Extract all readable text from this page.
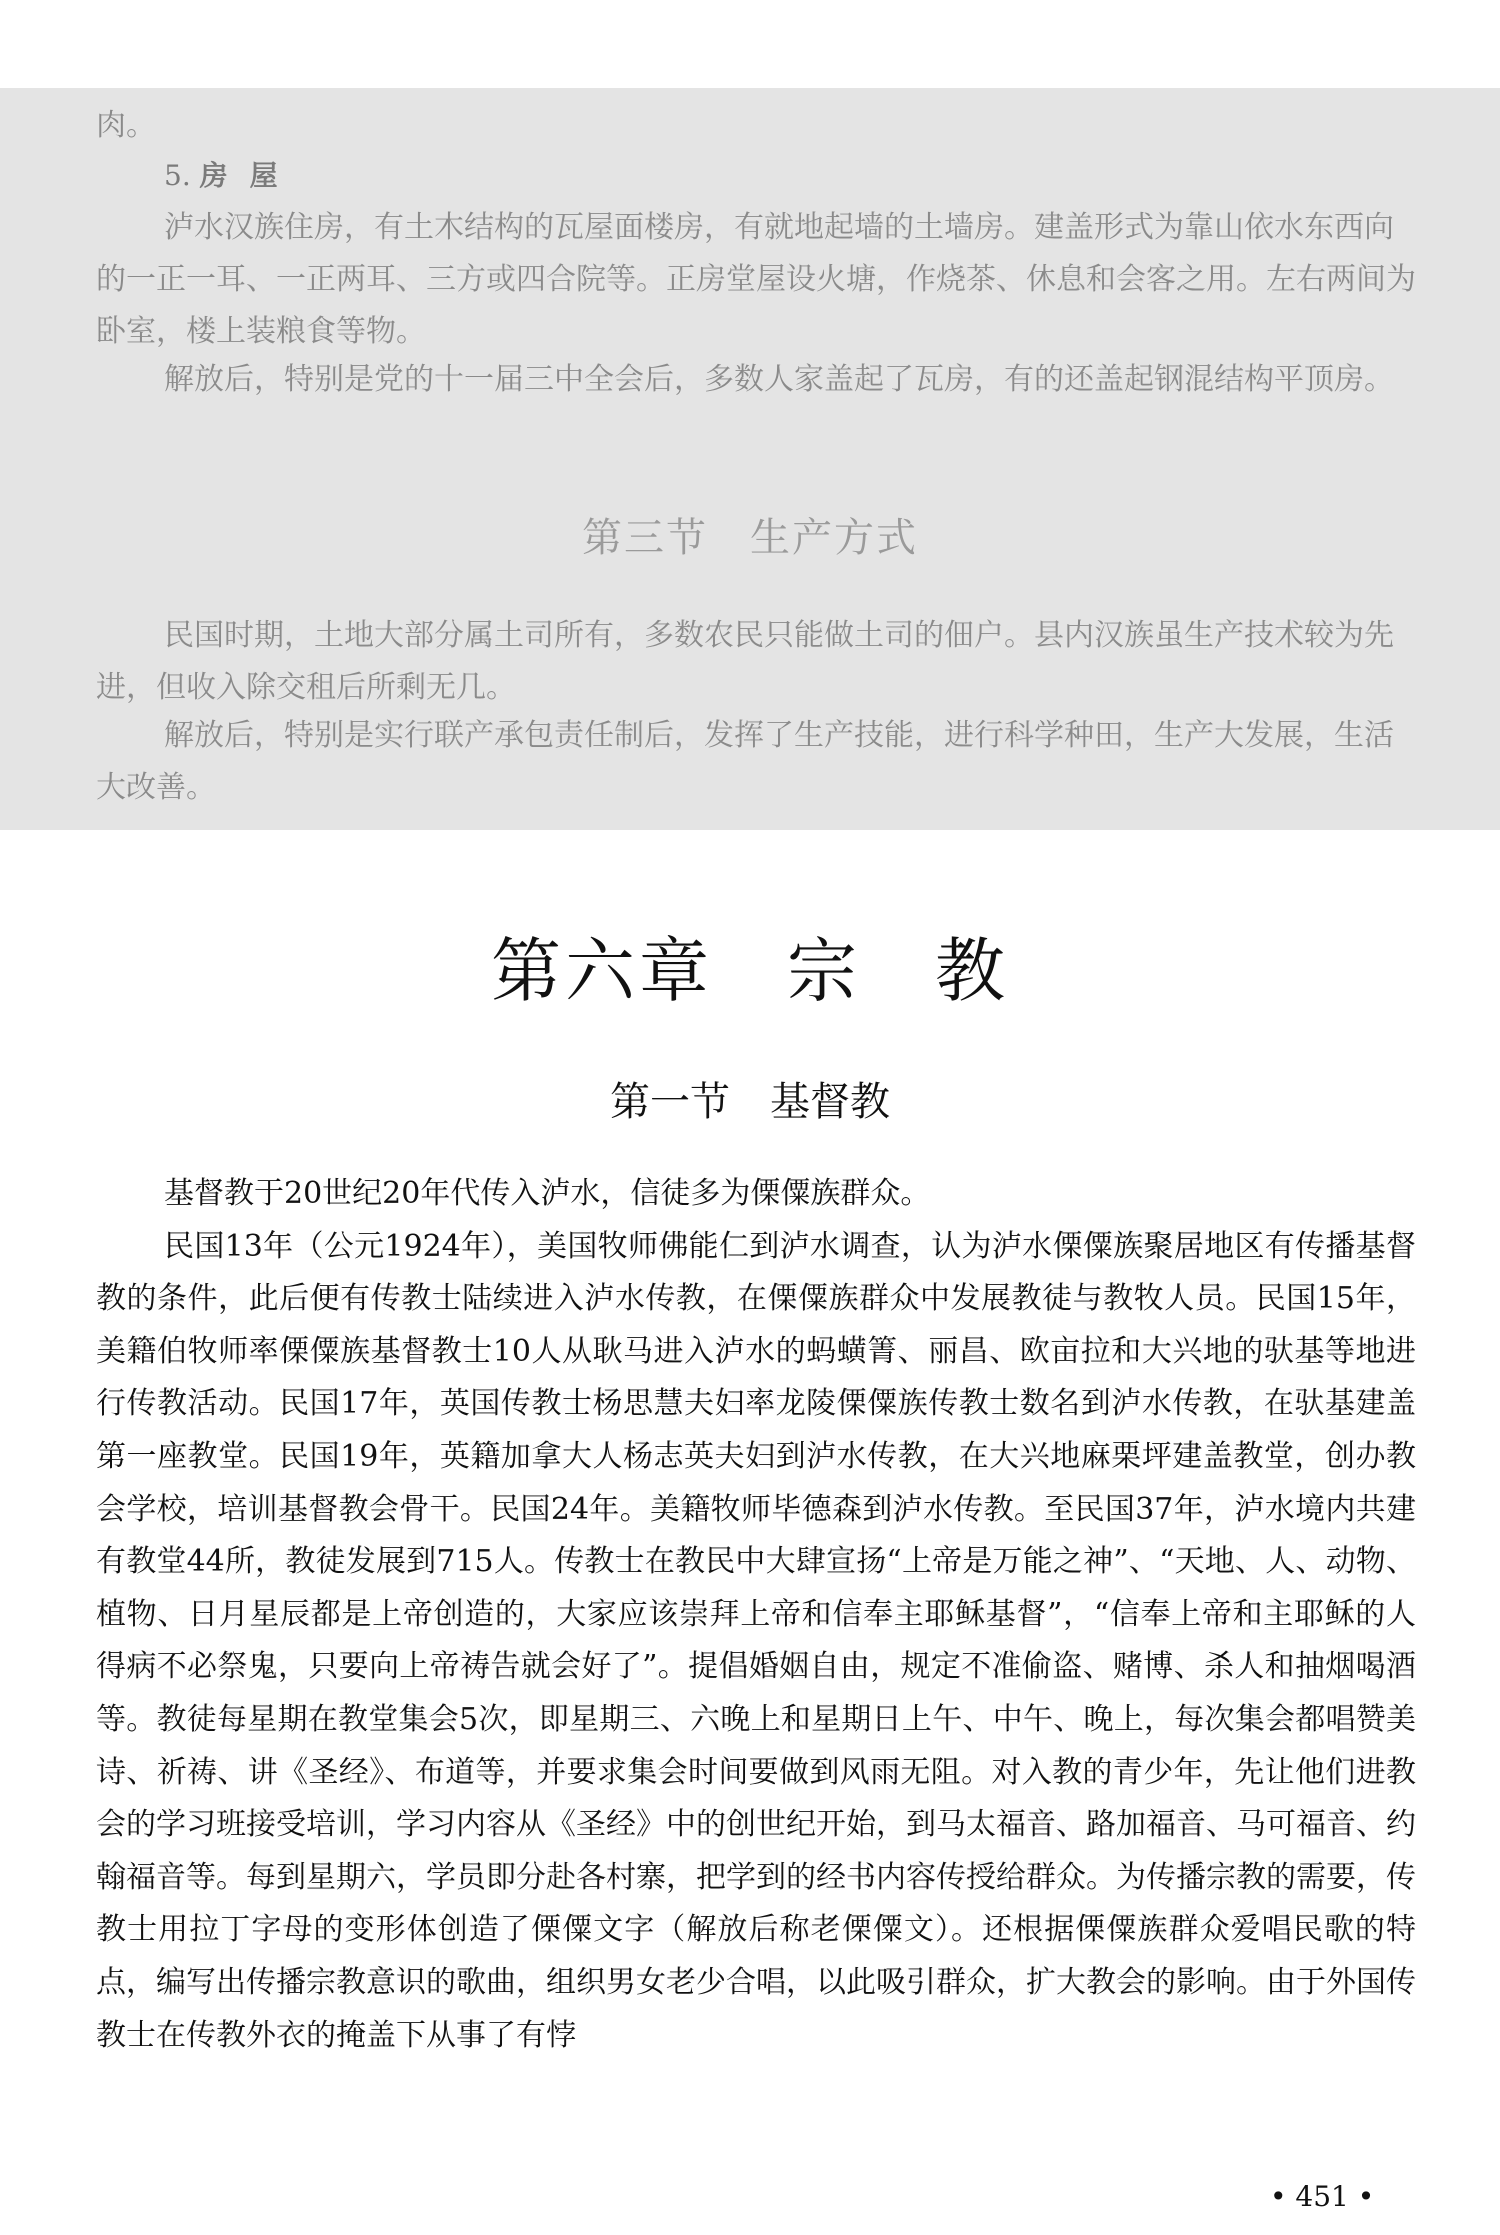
肉。

5. 房屋

泸水汉族住房，有土木结构的瓦屋面楼房，有就地起墙的土墙房。建盖形式为靠山依水东西向的一正一耳、一正两耳、三方或四合院等。正房堂屋设火塘，作烧茶、休息和会客之用。左右两间为卧室，楼上装粮食等物。

解放后，特别是党的十一届三中全会后，多数人家盖起了瓦房，有的还盖起钢混结构平顶房。

第三节　生产方式

民国时期，土地大部分属土司所有，多数农民只能做土司的佃户。县内汉族虽生产技术较为先进，但收入除交租后所剩无几。

解放后，特别是实行联产承包责任制后，发挥了生产技能，进行科学种田，生产大发展，生活大改善。

第六章　宗　教
第一节　基督教

基督教于20世纪20年代传入泸水，信徒多为傈僳族群众。

民国13年（公元1924年），美国牧师佛能仁到泸水调查，认为泸水傈僳族聚居地区有传播基督教的条件，此后便有传教士陆续进入泸水传教，在傈僳族群众中发展教徒与教牧人员。民国15年，美籍伯牧师率傈僳族基督教士10人从耿马进入泸水的蚂蟥箐、丽昌、欧亩拉和大兴地的驮基等地进行传教活动。民国17年，英国传教士杨思慧夫妇率龙陵傈僳族传教士数名到泸水传教，在驮基建盖第一座教堂。民国19年，英籍加拿大人杨志英夫妇到泸水传教，在大兴地麻栗坪建盖教堂，创办教会学校，培训基督教会骨干。民国24年。美籍牧师毕德森到泸水传教。至民国37年，泸水境内共建有教堂44所，教徒发展到715人。传教士在教民中大肆宣扬“上帝是万能之神”、“天地、人、动物、植物、日月星辰都是上帝创造的，大家应该崇拜上帝和信奉主耶稣基督”，“信奉上帝和主耶稣的人得病不必祭鬼，只要向上帝祷告就会好了”。提倡婚姻自由，规定不准偷盗、赌博、杀人和抽烟喝酒等。教徒每星期在教堂集会5次，即星期三、六晚上和星期日上午、中午、晚上，每次集会都唱赞美诗、祈祷、讲《圣经》、布道等，并要求集会时间要做到风雨无阻。对入教的青少年，先让他们进教会的学习班接受培训，学习内容从《圣经》中的创世纪开始，到马太福音、路加福音、马可福音、约翰福音等。每到星期六，学员即分赴各村寨，把学到的经书内容传授给群众。为传播宗教的需要，传教士用拉丁字母的变形体创造了傈僳文字（解放后称老傈僳文）。还根据傈僳族群众爱唱民歌的特点，编写出传播宗教意识的歌曲，组织男女老少合唱，以此吸引群众，扩大教会的影响。由于外国传教士在传教外衣的掩盖下从事了有悖

• 451 •
